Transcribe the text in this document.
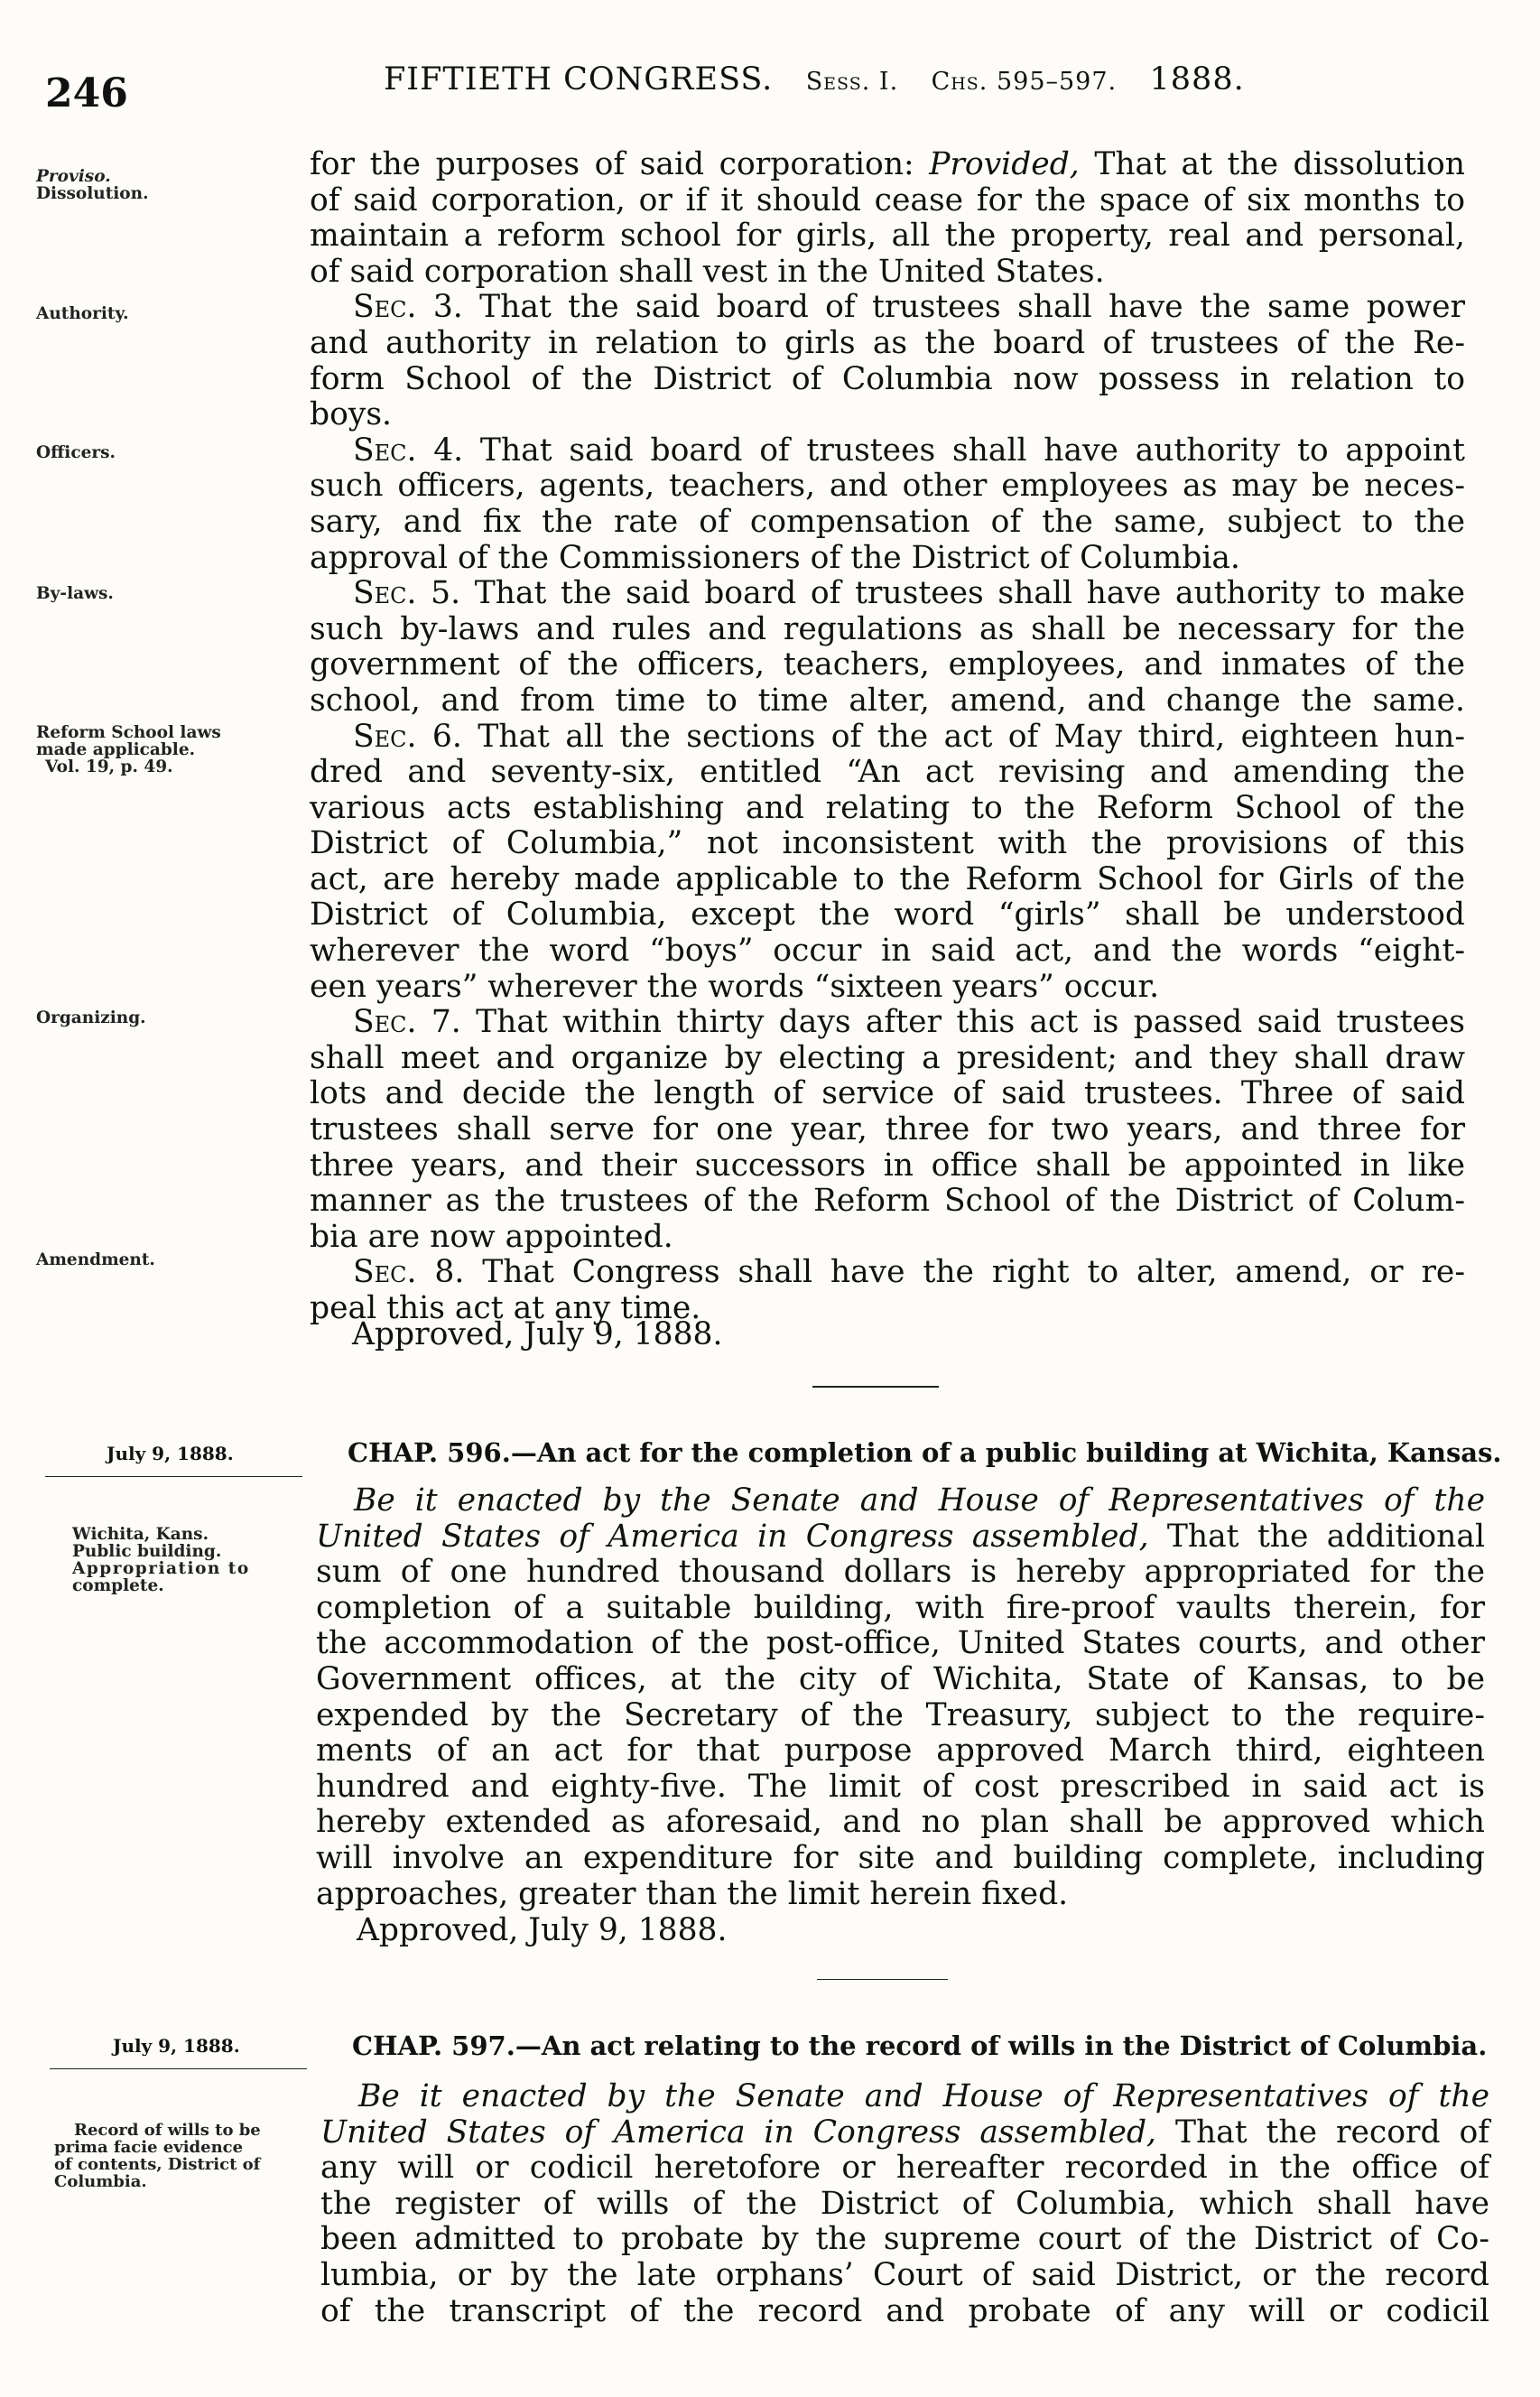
246	FIFTIETH CONGRESS. Sess. I. Chs. 595–597. 1888.
Proviso.
Dissolution.
Authority.
Officers.
By-laws.
Reform School laws
made applicable.
Vol. 19, p. 49.
Organizing.
Amendment.
for the purposes of said corporation: Provided, That at the dissolution
of said corporation, or if it should cease for the space of six months to
maintain a reform school for girls, all the property, real and personal,
of said corporation shall vest in the United States.
Sec. 3. That the said board of trustees shall have the same power
and authority in relation to girls as the board of trustees of the Re-
form School of the District of Columbia now possess in relation to
boys.
Sec. 4. That said board of trustees shall have authority to appoint
such officers, agents, teachers, and other employees as may be neces-
sary, and fix the rate of compensation of the same, subject to the
approval of the Commissioners of the District of Columbia.
Sec. 5. That the said board of trustees shall have authority to make
such by-laws and rules and regulations as shall be necessary for the
government of the officers, teachers, employees, and inmates of the
school, and from time to time alter, amend, and change the same.
Sec. 6. That all the sections of the act of May third, eighteen hun-
dred and seventy-six, entitled “An act revising and amending the
various acts establishing and relating to the Reform School of the
District of Columbia,” not inconsistent with the provisions of this
act, are hereby made applicable to the Reform School for Girls of the
District of Columbia, except the word “girls” shall be understood
wherever the word “boys” occur in said act, and the words “eight-
een years” wherever the words “sixteen years” occur.
Sec. 7. That within thirty days after this act is passed said trustees
shall meet and organize by electing a president; and they shall draw
lots and decide the length of service of said trustees. Three of said
trustees shall serve for one year, three for two years, and three for
three years, and their successors in office shall be appointed in like
manner as the trustees of the Reform School of the District of Colum-
bia are now appointed.
Sec. 8. That Congress shall have the right to alter, amend, or re-
peal this act at any time.
Approved, July 9, 1888.
July 9, 1888.	CHAP. 596.—An act for the completion of a public building at Wichita, Kansas.
Wichita, Kans.
Public building.
Appropriation to
complete.
Be it enacted by the Senate and House of Representatives of the
United States of America in Congress assembled, That the additional
sum of one hundred thousand dollars is hereby appropriated for the
completion of a suitable building, with fire-proof vaults therein, for
the accommodation of the post-office, United States courts, and other
Government offices, at the city of Wichita, State of Kansas, to be
expended by the Secretary of the Treasury, subject to the require-
ments of an act for that purpose approved March third, eighteen
hundred and eighty-five. The limit of cost prescribed in said act is
hereby extended as aforesaid, and no plan shall be approved which
will involve an expenditure for site and building complete, including
approaches, greater than the limit herein fixed.
Approved, July 9, 1888.
July 9, 1888.	CHAP. 597.—An act relating to the record of wills in the District of Columbia.
Record of wills to be
prima facie evidence
of contents, District of
Columbia.
Be it enacted by the Senate and House of Representatives of the
United States of America in Congress assembled, That the record of
any will or codicil heretofore or hereafter recorded in the office of
the register of wills of the District of Columbia, which shall have
been admitted to probate by the supreme court of the District of Co-
lumbia, or by the late orphans’ Court of said District, or the record
of the transcript of the record and probate of any will or codicil
